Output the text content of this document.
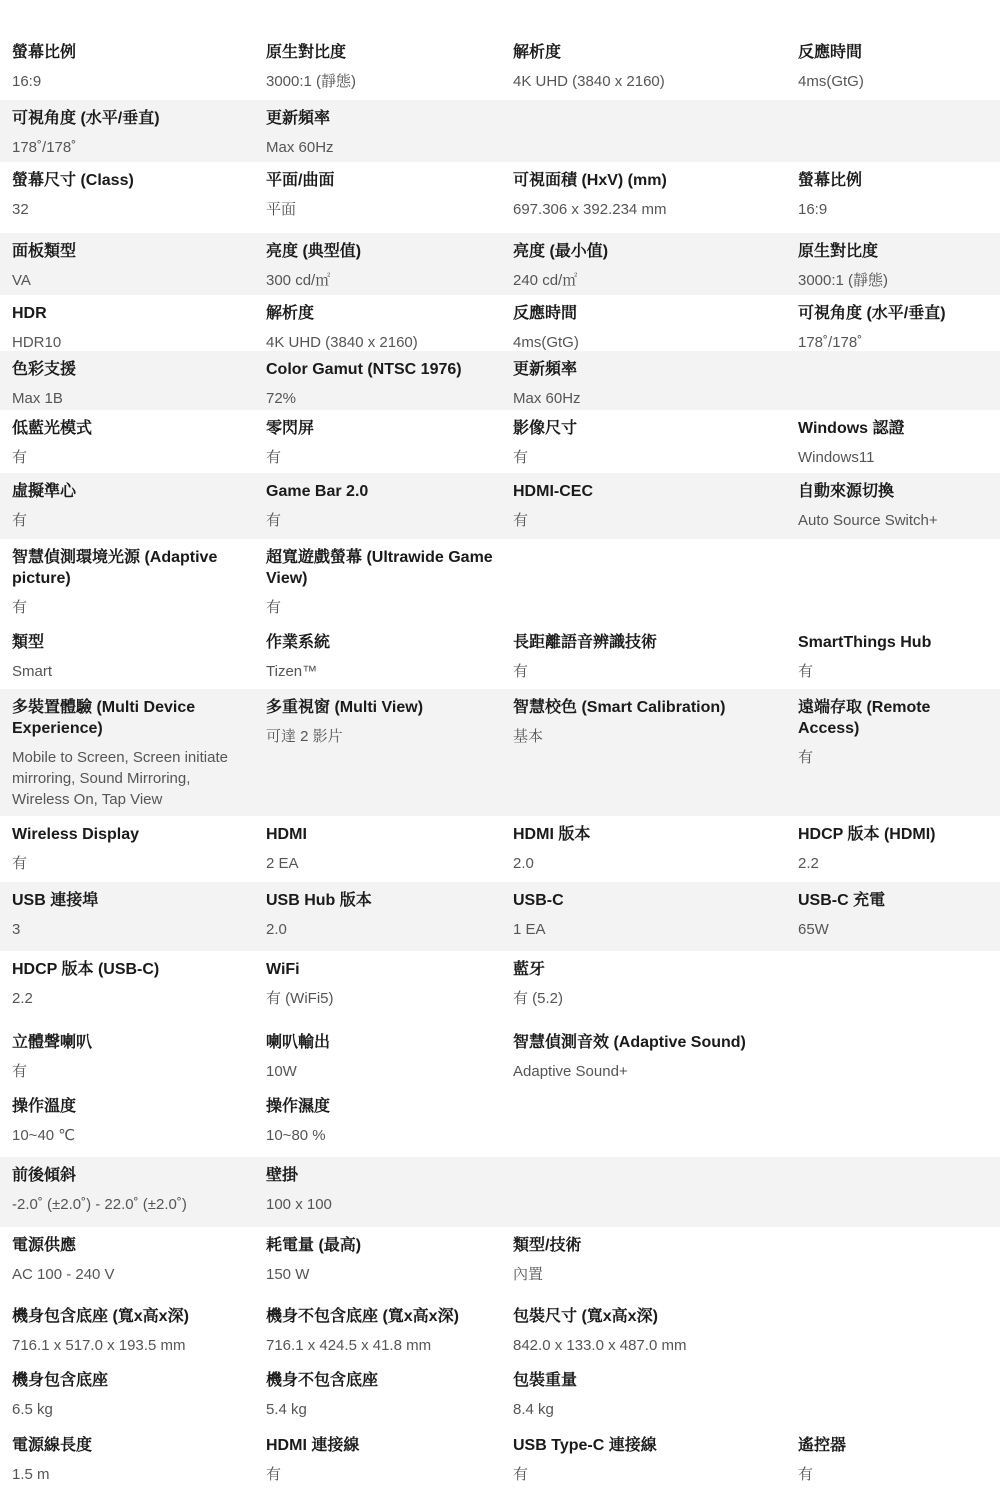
螢幕比例
16:9
原生對比度
3000:1 (靜態)
解析度
4K UHD (3840 x 2160)
反應時間
4ms(GtG)
可視角度 (水平/垂直)
178˚/178˚
更新頻率
Max 60Hz
螢幕尺寸 (Class)
32
平面/曲面
平面
可視面積 (HxV) (mm)
697.306 x 392.234 mm
螢幕比例
16:9
面板類型
VA
亮度 (典型值)
300 cd/㎡
亮度 (最小值)
240 cd/㎡
原生對比度
3000:1 (靜態)
HDR
HDR10
解析度
4K UHD (3840 x 2160)
反應時間
4ms(GtG)
可視角度 (水平/垂直)
178˚/178˚
色彩支援
Max 1B
Color Gamut (NTSC 1976)
72%
更新頻率
Max 60Hz
低藍光模式
有
零閃屏
有
影像尺寸
有
Windows 認證
Windows11
虛擬準心
有
Game Bar 2.0
有
HDMI-CEC
有
自動來源切換
Auto Source Switch+
智慧偵測環境光源 (Adaptive picture)
有
超寬遊戲螢幕 (Ultrawide Game View)
有
類型
Smart
作業系統
Tizen™
長距離語音辨識技術
有
SmartThings Hub
有
多裝置體驗 (Multi Device Experience)
Mobile to Screen, Screen initiate mirroring, Sound Mirroring, Wireless On, Tap View
多重視窗 (Multi View)
可達 2 影片
智慧校色 (Smart Calibration)
基本
遠端存取 (Remote Access)
有
Wireless Display
有
HDMI
2 EA
HDMI 版本
2.0
HDCP 版本 (HDMI)
2.2
USB 連接埠
3
USB Hub 版本
2.0
USB-C
1 EA
USB-C 充電
65W
HDCP 版本 (USB-C)
2.2
WiFi
有 (WiFi5)
藍牙
有 (5.2)
立體聲喇叭
有
喇叭輸出
10W
智慧偵測音效 (Adaptive Sound)
Adaptive Sound+
操作溫度
10~40 ℃
操作濕度
10~80 %
前後傾斜
-2.0˚ (±2.0˚) - 22.0˚ (±2.0˚)
壁掛
100 x 100
電源供應
AC 100 - 240 V
耗電量 (最高)
150 W
類型/技術
內置
機身包含底座 (寬x高x深)
716.1 x 517.0 x 193.5 mm
機身不包含底座 (寬x高x深)
716.1 x 424.5 x 41.8 mm
包裝尺寸 (寬x高x深)
842.0 x 133.0 x 487.0 mm
機身包含底座
6.5 kg
機身不包含底座
5.4 kg
包裝重量
8.4 kg
電源線長度
1.5 m
HDMI 連接線
有
USB Type-C 連接線
有
遙控器
有
